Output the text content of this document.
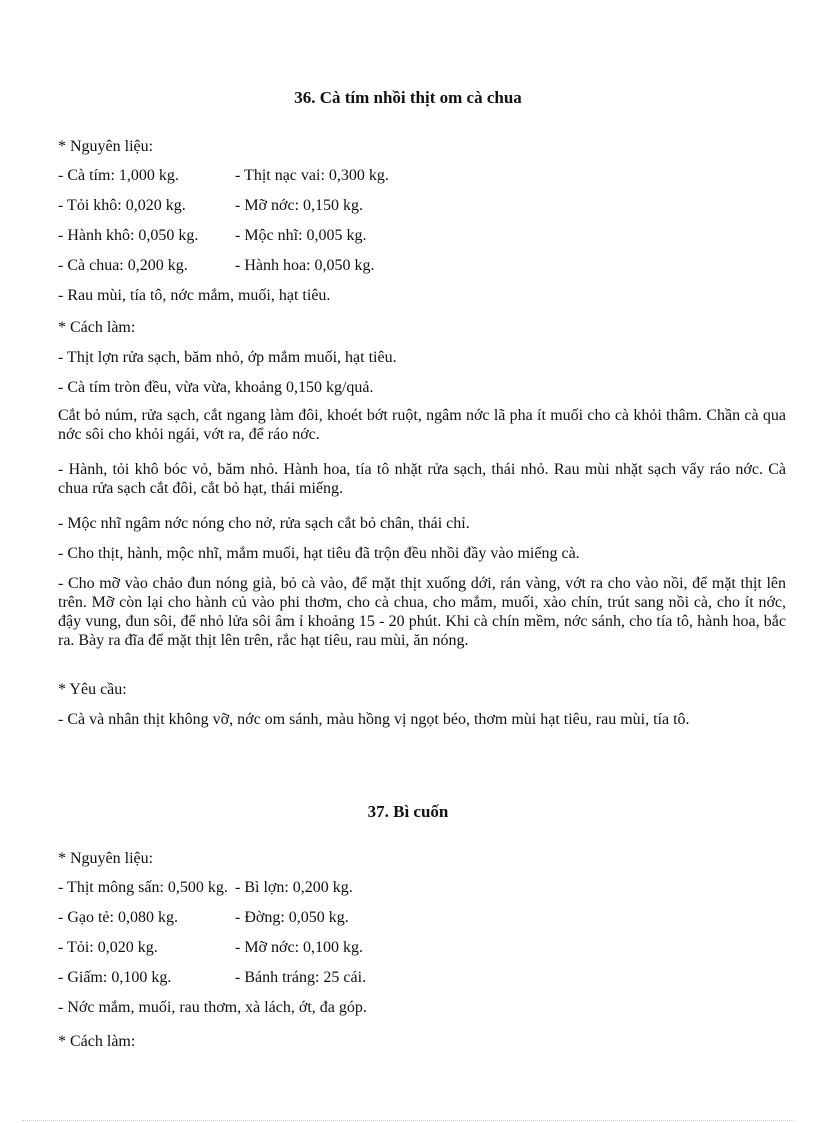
36. Cà tím nhồi thịt om cà chua
* Nguyên liệu:
- Cà tím: 1,000 kg.	- Thịt nạc vai: 0,300 kg.
- Tỏi khô: 0,020 kg.	- Mỡ nớc: 0,150 kg.
- Hành khô: 0,050 kg. - Mộc nhĩ: 0,005 kg.
- Cà chua: 0,200 kg.	- Hành hoa: 0,050 kg.
- Rau mùi, tía tô, nớc mắm, muối, hạt tiêu.
* Cách làm:
- Thịt lợn rửa sạch, băm nhỏ, ớp mắm muối, hạt tiêu.
- Cà tím tròn đều, vừa vừa, khoảng 0,150 kg/quả.
Cắt bỏ núm, rửa sạch, cắt ngang làm đôi, khoét bớt ruột, ngâm nớc lã pha ít muối cho cà khỏi thâm. Chần cà qua nớc sôi cho khỏi ngái, vớt ra, để ráo nớc.
- Hành, tỏi khô bóc vỏ, băm nhỏ. Hành hoa, tía tô nhặt rửa sạch, thái nhỏ. Rau mùi nhặt sạch vẩy ráo nớc. Cà chua rửa sạch cắt đôi, cắt bỏ hạt, thái miếng.
- Mộc nhĩ ngâm nớc nóng cho nở, rửa sạch cắt bỏ chân, thái chỉ.
- Cho thịt, hành, mộc nhĩ, mắm muối, hạt tiêu đã trộn đều nhồi đầy vào miếng cà.
- Cho mỡ vào chảo đun nóng già, bỏ cà vào, để mặt thịt xuống dới, rán vàng, vớt ra cho vào nồi, để mặt thịt lên trên. Mỡ còn lại cho hành củ vào phi thơm, cho cà chua, cho mắm, muối, xào chín, trút sang nồi cà, cho ít nớc, đậy vung, đun sôi, để nhỏ lửa sôi âm ỉ khoảng 15 - 20 phút. Khi cà chín mềm, nớc sánh, cho tía tô, hành hoa, bắc ra. Bày ra đĩa để mặt thịt lên trên, rắc hạt tiêu, rau mùi, ăn nóng.
* Yêu cầu:
- Cà và nhân thịt không vỡ, nớc om sánh, màu hồng vị ngọt béo, thơm mùi hạt tiêu, rau mùi, tía tô.
37. Bì cuốn
* Nguyên liệu:
- Thịt mông sấn: 0,500 kg. - Bì lợn: 0,200 kg.
- Gạo tẻ: 0,080 kg.	- Đờng: 0,050 kg.
- Tỏi: 0,020 kg.	- Mỡ nớc: 0,100 kg.
- Giấm: 0,100 kg.	- Bánh tráng: 25 cái.
- Nớc mắm, muối, rau thơm, xà lách, ớt, đa góp.
* Cách làm:
